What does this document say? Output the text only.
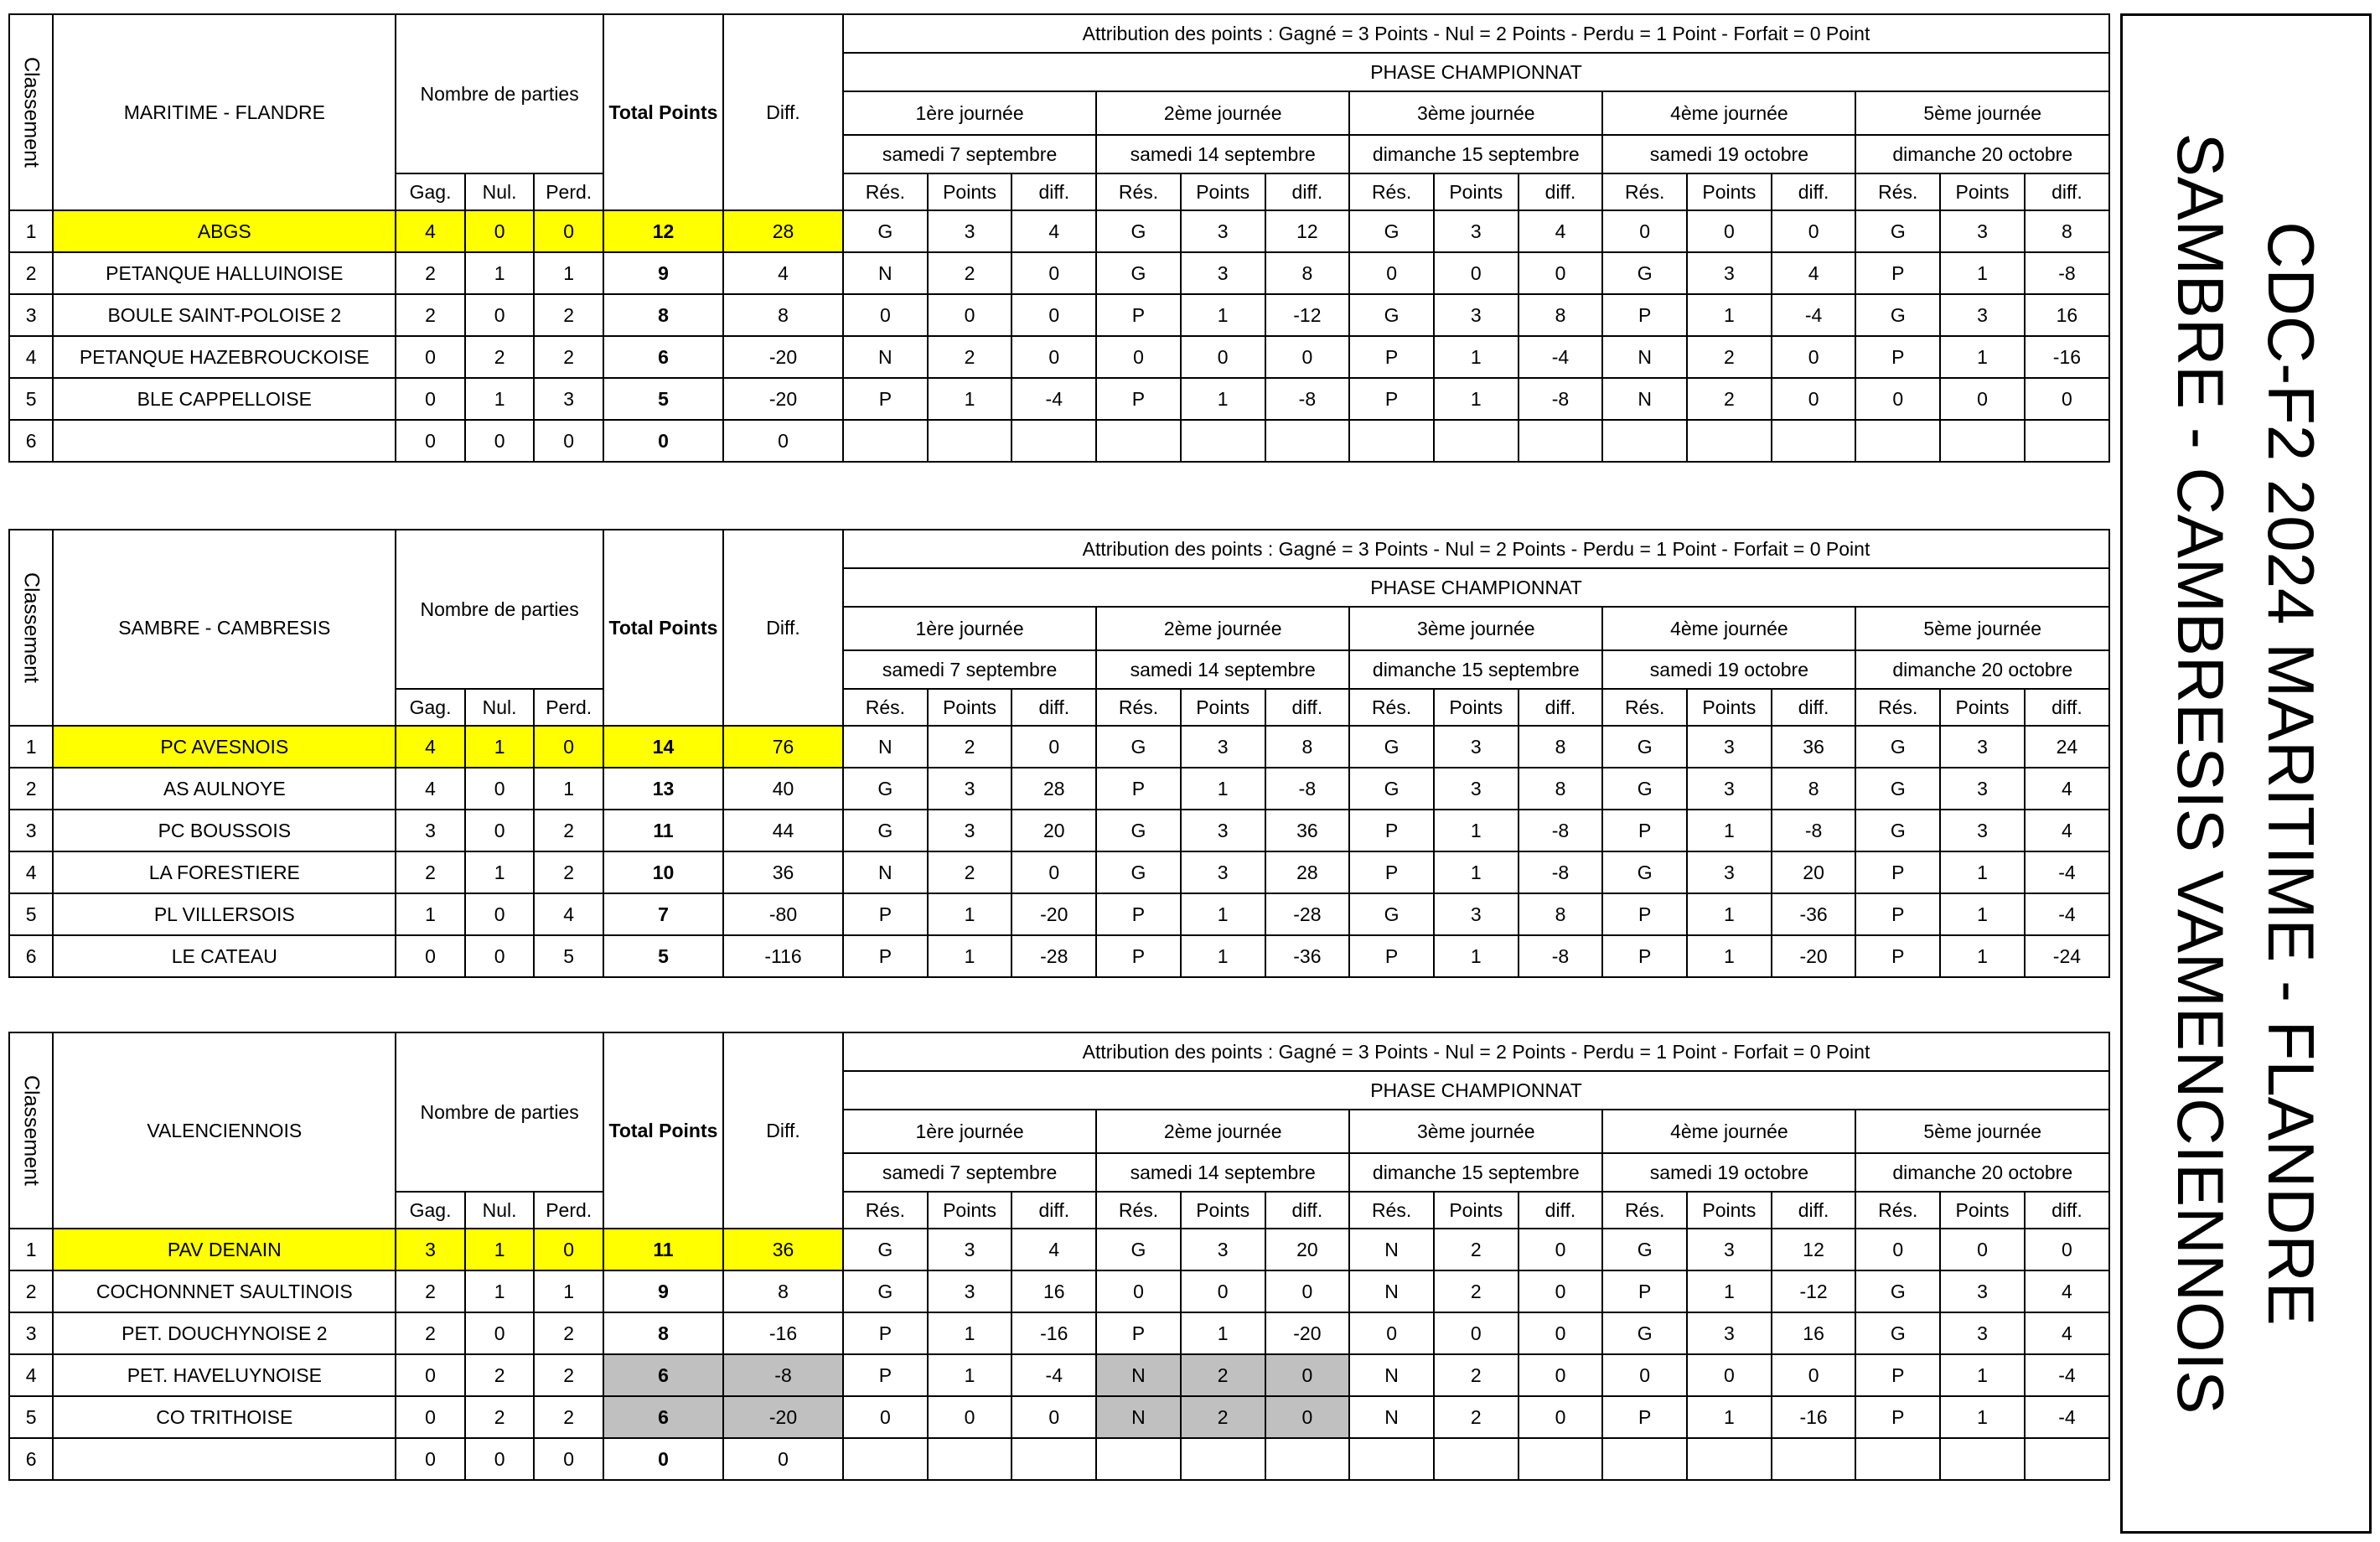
Classement	MARITIME - FLANDRE	Nombre de parties			Total Points	Diff.	Attribution des points : Gagné = 3 Points - Nul = 2 Points - Perdu = 1 Point - Forfait = 0 Point														
							PHASE CHAMPIONNAT														
							1ère journée			2ème journée			3ème journée			4ème journée			5ème journée		
							samedi 7 septembre			samedi 14 septembre			dimanche 15 septembre			samedi 19 octobre			dimanche 20 octobre		
		Gag.	Nul.	Perd.			Rés.	Points	diff.	Rés.	Points	diff.	Rés.	Points	diff.	Rés.	Points	diff.	Rés.	Points	diff.
1	ABGS	4	0	0	12	28	G	3	4	G	3	12	G	3	4	0	0	0	G	3	8
2	PETANQUE HALLUINOISE	2	1	1	9	4	N	2	0	G	3	8	0	0	0	G	3	4	P	1	-8
3	BOULE SAINT-POLOISE 2	2	0	2	8	8	0	0	0	P	1	-12	G	3	8	P	1	-4	G	3	16
4	PETANQUE HAZEBROUCKOISE	0	2	2	6	-20	N	2	0	0	0	0	P	1	-4	N	2	0	P	1	-16
5	BLE CAPPELLOISE	0	1	3	5	-20	P	1	-4	P	1	-8	P	1	-8	N	2	0	0	0	0
6		0	0	0	0	0															
Classement	SAMBRE - CAMBRESIS	Nombre de parties			Total Points	Diff.	Attribution des points : Gagné = 3 Points - Nul = 2 Points - Perdu = 1 Point - Forfait = 0 Point														
							PHASE CHAMPIONNAT														
							1ère journée			2ème journée			3ème journée			4ème journée			5ème journée		
							samedi 7 septembre			samedi 14 septembre			dimanche 15 septembre			samedi 19 octobre			dimanche 20 octobre		
		Gag.	Nul.	Perd.			Rés.	Points	diff.	Rés.	Points	diff.	Rés.	Points	diff.	Rés.	Points	diff.	Rés.	Points	diff.
1	PC AVESNOIS	4	1	0	14	76	N	2	0	G	3	8	G	3	8	G	3	36	G	3	24
2	AS AULNOYE	4	0	1	13	40	G	3	28	P	1	-8	G	3	8	G	3	8	G	3	4
3	PC BOUSSOIS	3	0	2	11	44	G	3	20	G	3	36	P	1	-8	P	1	-8	G	3	4
4	LA FORESTIERE	2	1	2	10	36	N	2	0	G	3	28	P	1	-8	G	3	20	P	1	-4
5	PL VILLERSOIS	1	0	4	7	-80	P	1	-20	P	1	-28	G	3	8	P	1	-36	P	1	-4
6	LE CATEAU	0	0	5	5	-116	P	1	-28	P	1	-36	P	1	-8	P	1	-20	P	1	-24
Classement	VALENCIENNOIS	Nombre de parties			Total Points	Diff.	Attribution des points : Gagné = 3 Points - Nul = 2 Points - Perdu = 1 Point - Forfait = 0 Point														
							PHASE CHAMPIONNAT														
							1ère journée			2ème journée			3ème journée			4ème journée			5ème journée		
							samedi 7 septembre			samedi 14 septembre			dimanche 15 septembre			samedi 19 octobre			dimanche 20 octobre		
		Gag.	Nul.	Perd.			Rés.	Points	diff.	Rés.	Points	diff.	Rés.	Points	diff.	Rés.	Points	diff.	Rés.	Points	diff.
1	PAV DENAIN	3	1	0	11	36	G	3	4	G	3	20	N	2	0	G	3	12	0	0	0
2	COCHONNNET SAULTINOIS	2	1	1	9	8	G	3	16	0	0	0	N	2	0	P	1	-12	G	3	4
3	PET. DOUCHYNOISE 2	2	0	2	8	-16	P	1	-16	P	1	-20	0	0	0	G	3	16	G	3	4
4	PET. HAVELUYNOISE	0	2	2	6	-8	P	1	-4	N	2	0	N	2	0	0	0	0	P	1	-4
5	CO TRITHOISE	0	2	2	6	-20	0	0	0	N	2	0	N	2	0	P	1	-16	P	1	-4
6		0	0	0	0	0															
CDC-F2 2024 MARITIME - FLANDRE
SAMBRE - CAMBRESIS VAMENCIENNOIS
